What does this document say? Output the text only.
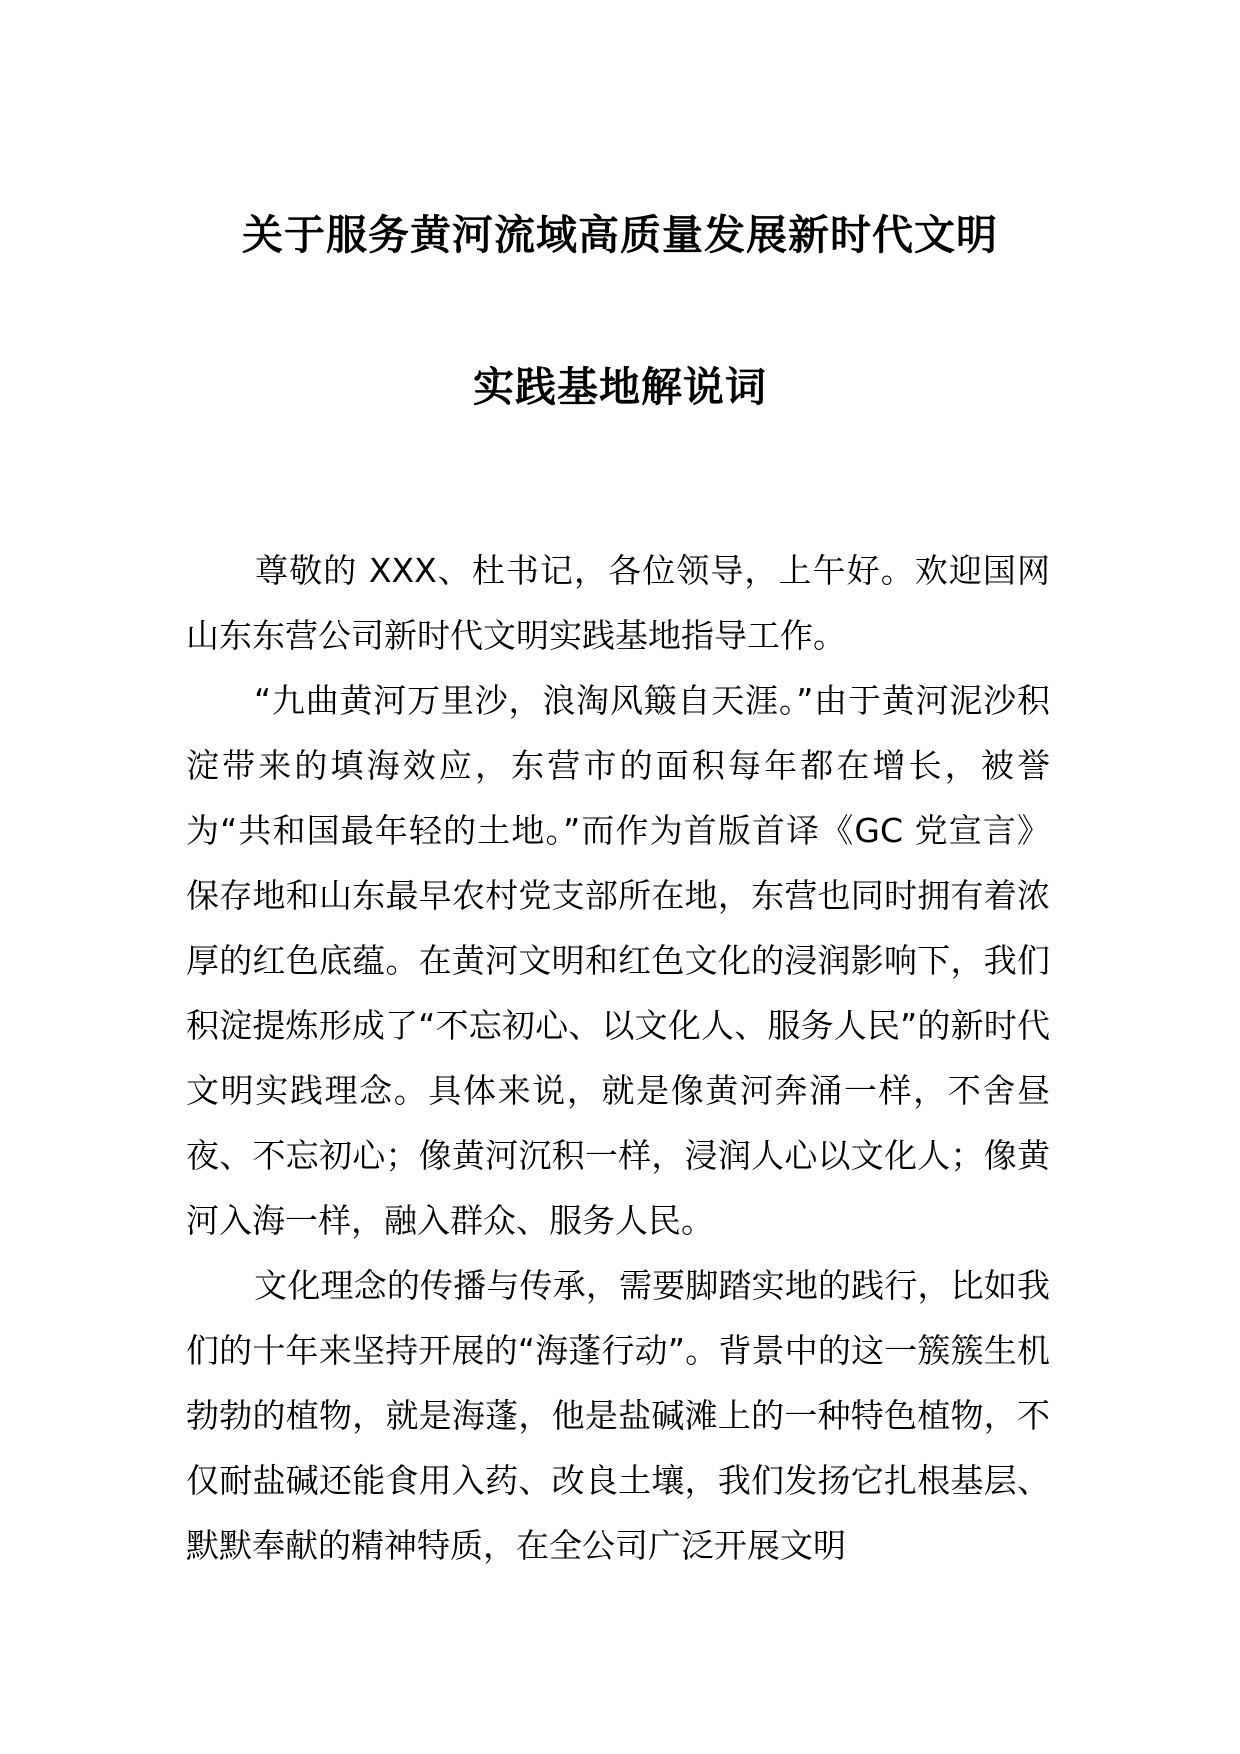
关于服务黄河流域高质量发展新时代文明
实践基地解说词

尊敬的 XXX、杜书记，各位领导，上午好。欢迎国网山东东营公司新时代文明实践基地指导工作。

“九曲黄河万里沙，浪淘风簸自天涯。”由于黄河泥沙积淀带来的填海效应，东营市的面积每年都在增长，被誉为“共和国最年轻的土地。”而作为首版首译《GC 党宣言》保存地和山东最早农村党支部所在地，东营也同时拥有着浓厚的红色底蕴。在黄河文明和红色文化的浸润影响下，我们积淀提炼形成了“不忘初心、以文化人、服务人民”的新时代文明实践理念。具体来说，就是像黄河奔涌一样，不舍昼夜、不忘初心；像黄河沉积一样，浸润人心以文化人；像黄河入海一样，融入群众、服务人民。

文化理念的传播与传承，需要脚踏实地的践行，比如我们的十年来坚持开展的“海蓬行动”。背景中的这一簇簇生机勃勃的植物，就是海蓬，他是盐碱滩上的一种特色植物，不仅耐盐碱还能食用入药、改良土壤，我们发扬它扎根基层、默默奉献的精神特质，在全公司广泛开展文明
